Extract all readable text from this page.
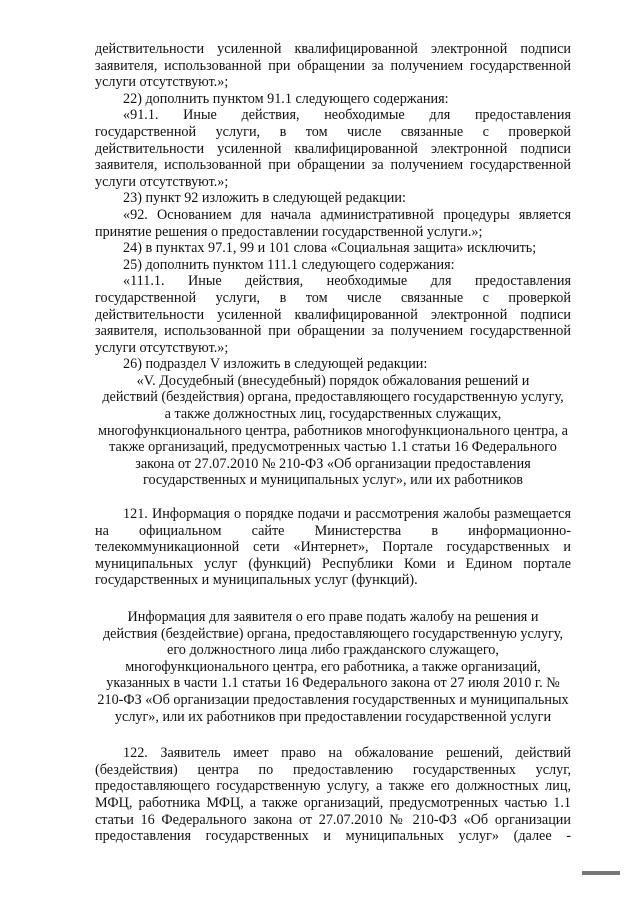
действительности усиленной квалифицированной электронной подписи

заявителя, использованной при обращении за получением государственной

услуги отсутствуют.»;

22) дополнить пунктом 91.1 следующего содержания:

«91.1. Иные действия, необходимые для предоставления

государственной услуги, в том числе связанные с проверкой

действительности усиленной квалифицированной электронной подписи

заявителя, использованной при обращении за получением государственной

услуги отсутствуют.»;

23) пункт 92 изложить в следующей редакции:

«92. Основанием для начала административной процедуры является

принятие решения о предоставлении государственной услуги.»;

24) в пунктах 97.1, 99 и 101 слова «Социальная защита» исключить;

25) дополнить пунктом 111.1 следующего содержания:

«111.1. Иные действия, необходимые для предоставления

государственной услуги, в том числе связанные с проверкой

действительности усиленной квалифицированной электронной подписи

заявителя, использованной при обращении за получением государственной

услуги отсутствуют.»;

26) подраздел V изложить в следующей редакции:

«V. Досудебный (внесудебный) порядок обжалования решений и

действий (бездействия) органа, предоставляющего государственную услугу,

а также должностных лиц, государственных служащих,

многофункционального центра, работников многофункционального центра, а

также организаций, предусмотренных частью 1.1 статьи 16 Федерального

закона от 27.07.2010 № 210-ФЗ «Об организации предоставления

государственных и муниципальных услуг», или их работников

121. Информация о порядке подачи и рассмотрения жалобы размещается

на официальном сайте Министерства в информационно-

телекоммуникационной сети «Интернет», Портале государственных и

муниципальных услуг (функций) Республики Коми и Едином портале

государственных и муниципальных услуг (функций).

Информация для заявителя о его праве подать жалобу на решения и

действия (бездействие) органа, предоставляющего государственную услугу,

его должностного лица либо гражданского служащего,

многофункционального центра, его работника, а также организаций,

указанных в части 1.1 статьи 16 Федерального закона от 27 июля 2010 г. №

210-ФЗ «Об организации предоставления государственных и муниципальных

услуг», или их работников при предоставлении государственной услуги

122. Заявитель имеет право на обжалование решений, действий

(бездействия) центра по предоставлению государственных услуг,

предоставляющего государственную услугу, а также его должностных лиц,

МФЦ, работника МФЦ, а также организаций, предусмотренных частью 1.1

статьи 16 Федерального закона от 27.07.2010 № 210-ФЗ «Об организации

предоставления государственных и муниципальных услуг» (далее -
